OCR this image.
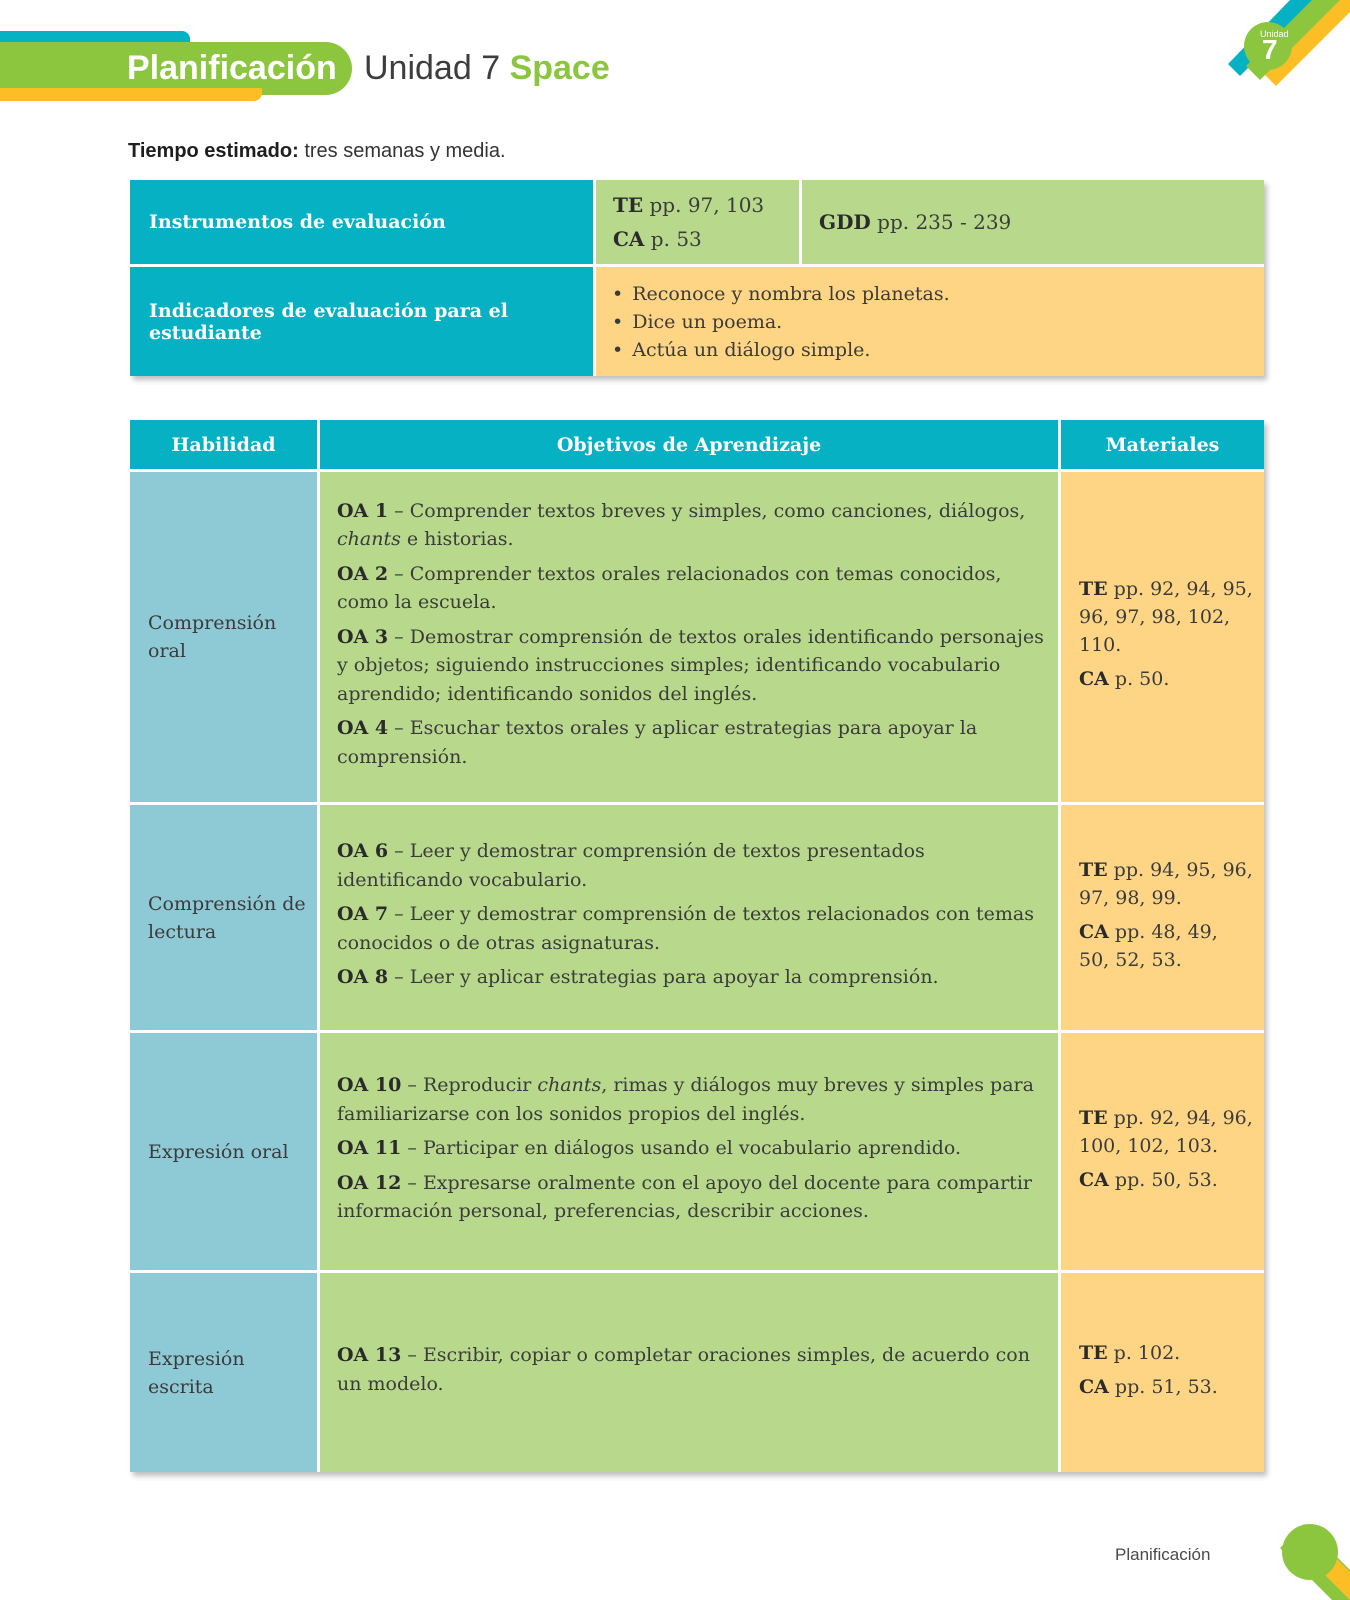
Planificación Unidad 7 Space
Unidad
7
Tiempo estimado: tres semanas y media.
Instrumentos de evaluación
TE pp. 97, 103
CA p. 53
GDD pp. 235 - 239
Indicadores de evaluación para el estudiante
• Reconoce y nombra los planetas.
• Dice un poema.
• Actúa un diálogo simple.
Habilidad	Objetivos de Aprendizaje	Materiales
Comprensión oral

OA 1 – Comprender textos breves y simples, como canciones, diálogos, chants e historias.

OA 2 – Comprender textos orales relacionados con temas conocidos, como la escuela.

OA 3 – Demostrar comprensión de textos orales identificando personajes y objetos; siguiendo instrucciones simples; identificando vocabulario aprendido; identificando sonidos del inglés.

OA 4 – Escuchar textos orales y aplicar estrategias para apoyar la comprensión.

TE pp. 92, 94, 95, 96, 97, 98, 102, 110.

CA p. 50.

Comprensión de lectura

OA 6 – Leer y demostrar comprensión de textos presentados identificando vocabulario.

OA 7 – Leer y demostrar comprensión de textos relacionados con temas conocidos o de otras asignaturas.

OA 8 – Leer y aplicar estrategias para apoyar la comprensión.

TE pp. 94, 95, 96, 97, 98, 99.

CA pp. 48, 49, 50, 52, 53.

Expresión oral

OA 10 – Reproducir chants, rimas y diálogos muy breves y simples para familiarizarse con los sonidos propios del inglés.

OA 11 – Participar en diálogos usando el vocabulario aprendido.

OA 12 – Expresarse oralmente con el apoyo del docente para compartir información personal, preferencias, describir acciones.

TE pp. 92, 94, 96, 100, 102, 103.

CA pp. 50, 53.

Expresión escrita

OA 13 – Escribir, copiar o completar oraciones simples, de acuerdo con un modelo.

TE p. 102.

CA pp. 51, 53.

Planificación 215
